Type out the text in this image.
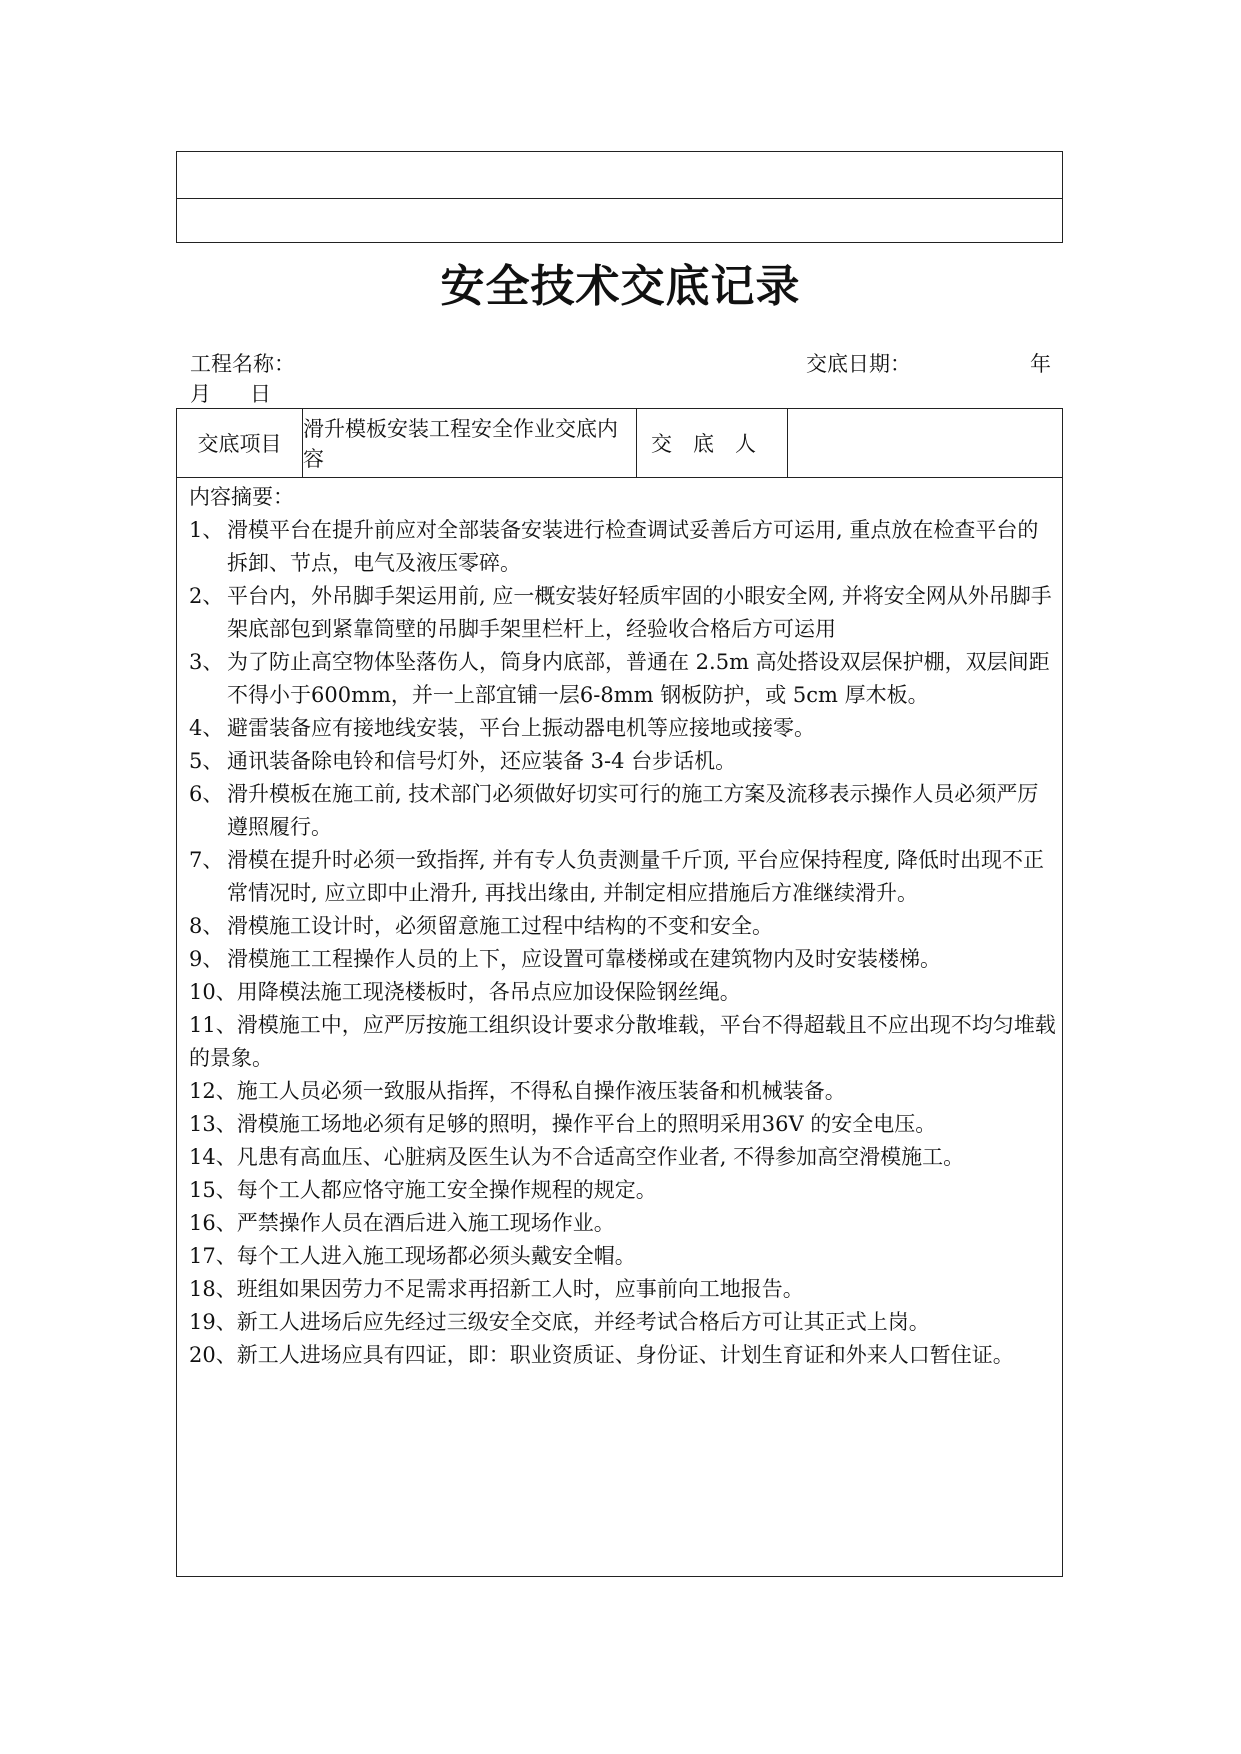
安全技术交底记录
工程名称：	交底日期：	年
月 日
交底项目
滑升模板安装工程安全作业交底内容
交　底　人

内容摘要：

1、 滑模平台在提升前应对全部装备安装进行检查调试妥善后方可运用, 重点放在检查平台的拆卸、节点，电气及液压零碎。
2、 平台内，外吊脚手架运用前, 应一概安装好轻质牢固的小眼安全网, 并将安全网从外吊脚手架底部包到紧靠筒壁的吊脚手架里栏杆上，经验收合格后方可运用
3、 为了防止高空物体坠落伤人，筒身内底部，普通在 2.5m 高处搭设双层保护棚，双层间距不得小于600mm，并一上部宜铺一层6-8mm 钢板防护，或 5cm 厚木板。
4、 避雷装备应有接地线安装，平台上振动器电机等应接地或接零。
5、 通讯装备除电铃和信号灯外，还应装备 3-4 台步话机。
6、 滑升模板在施工前, 技术部门必须做好切实可行的施工方案及流移表示操作人员必须严厉遵照履行。
7、 滑模在提升时必须一致指挥, 并有专人负责测量千斤顶, 平台应保持程度, 降低时出现不正常情况时, 应立即中止滑升, 再找出缘由, 并制定相应措施后方准继续滑升。
8、 滑模施工设计时，必须留意施工过程中结构的不变和安全。
9、 滑模施工工程操作人员的上下，应设置可靠楼梯或在建筑物内及时安装楼梯。
10、用降模法施工现浇楼板时，各吊点应加设保险钢丝绳。
11、滑模施工中，应严厉按施工组织设计要求分散堆载，平台不得超载且不应出现不均匀堆载的景象。
12、施工人员必须一致服从指挥，不得私自操作液压装备和机械装备。
13、滑模施工场地必须有足够的照明，操作平台上的照明采用36V 的安全电压。
14、凡患有高血压、心脏病及医生认为不合适高空作业者, 不得参加高空滑模施工。
15、每个工人都应恪守施工安全操作规程的规定。
16、严禁操作人员在酒后进入施工现场作业。
17、每个工人进入施工现场都必须头戴安全帽。
18、班组如果因劳力不足需求再招新工人时，应事前向工地报告。
19、新工人进场后应先经过三级安全交底，并经考试合格后方可让其正式上岗。
20、新工人进场应具有四证，即：职业资质证、身份证、计划生育证和外来人口暂住证。
